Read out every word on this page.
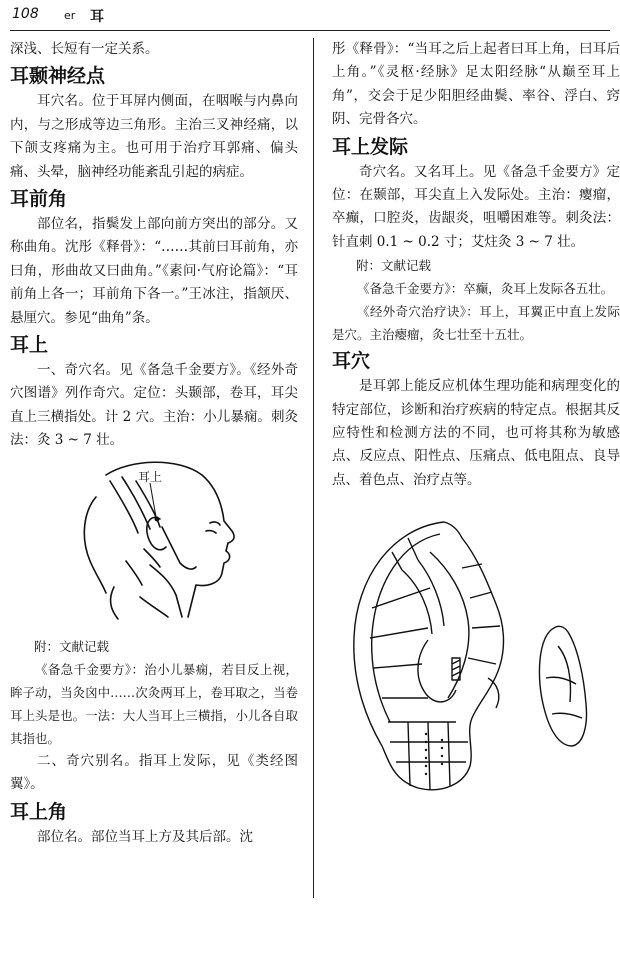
108 er 耳

深浅、长短有一定关系。

耳颞神经点

耳穴名。位于耳屏内侧面，在咽喉与内鼻向内，与之形成等边三角形。主治三叉神经痛，以下颌支疼痛为主。也可用于治疗耳郭痛、偏头痛、头晕，脑神经功能紊乱引起的病症。

耳前角

部位名，指鬓发上部向前方突出的部分。又称曲角。沈彤《释骨》：“……其前曰耳前角，亦曰角，形曲故又曰曲角。”《素问·气府论篇》：“耳前角上各一；耳前角下各一。”王冰注，指颔厌、悬厘穴。参见“曲角”条。

耳上

一、奇穴名。见《备急千金要方》。《经外奇穴图谱》列作奇穴。定位：头颞部，卷耳，耳尖直上三横指处。计 2 穴。主治：小儿暴痫。刺灸法：灸 3 ~ 7 壮。

耳上

附：文献记载

《备急千金要方》：治小儿暴痫，若目反上视，眸子动，当灸囟中……次灸两耳上，卷耳取之，当卷耳上头是也。一法：大人当耳上三横指，小儿各自取其指也。

二、奇穴别名。指耳上发际，见《类经图翼》。

耳上角

部位名。部位当耳上方及其后部。沈

彤《释骨》：“当耳之后上起者曰耳上角，曰耳后上角。”《灵枢·经脉》足太阳经脉“从巅至耳上角”，交会于足少阳胆经曲鬓、率谷、浮白、窍阴、完骨各穴。

耳上发际

奇穴名。又名耳上。见《备急千金要方》定位：在颞部，耳尖直上入发际处。主治：瘿瘤，卒癫，口腔炎，齿龈炎，咀嚼困难等。刺灸法：针直刺 0.1 ~ 0.2 寸；艾炷灸 3 ~ 7 壮。

附：文献记载

《备急千金要方》：卒癫，灸耳上发际各五壮。

《经外奇穴治疗诀》：耳上，耳翼正中直上发际是穴。主治瘿瘤，灸七壮至十五壮。

耳穴

是耳郭上能反应机体生理功能和病理变化的特定部位，诊断和治疗疾病的特定点。根据其反应特性和检测方法的不同，也可将其称为敏感点、反应点、阳性点、压痛点、低电阻点、良导点、着色点、治疗点等。
